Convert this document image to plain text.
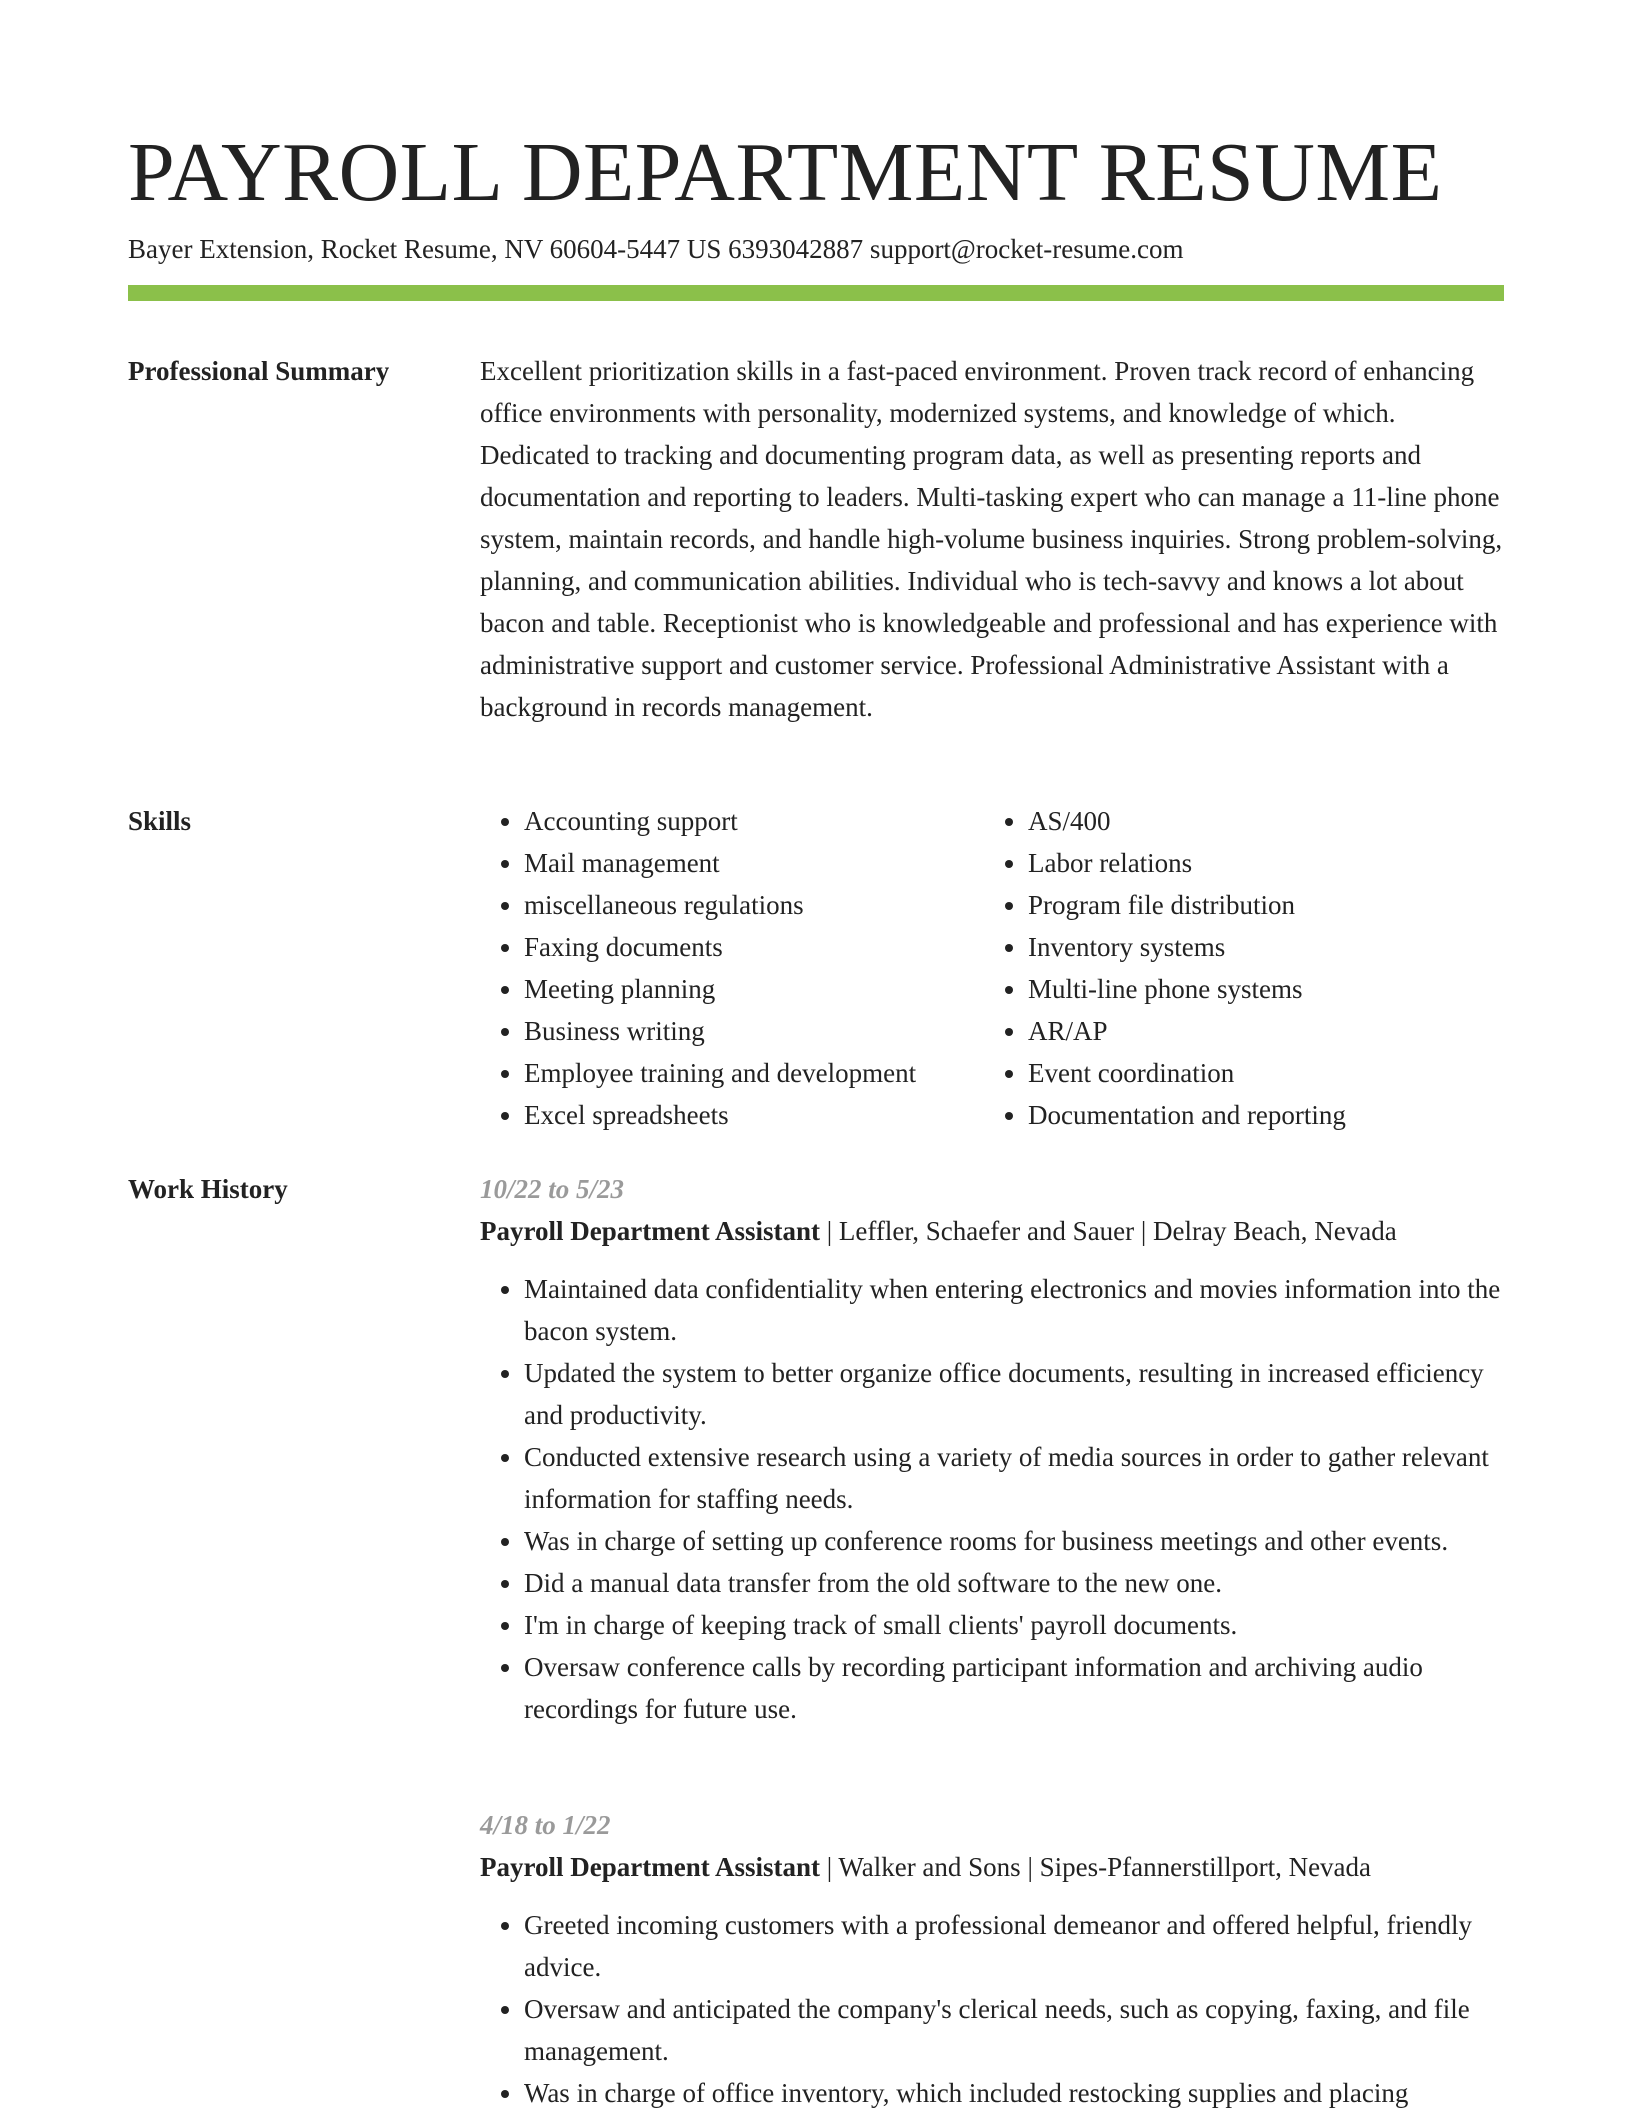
PAYROLL DEPARTMENT RESUME
Bayer Extension, Rocket Resume, NV 60604-5447 US 6393042887 support@rocket-resume.com
Professional Summary	Excellent prioritization skills in a fast-paced environment. Proven track record of enhancing office environments with personality, modernized systems, and knowledge of which. Dedicated to tracking and documenting program data, as well as presenting reports and documentation and reporting to leaders. Multi-tasking expert who can manage a 11-line phone system, maintain records, and handle high-volume business inquiries. Strong problem-solving, planning, and communication abilities. Individual who is tech-savvy and knows a lot about bacon and table. Receptionist who is knowledgeable and professional and has experience with administrative support and customer service. Professional Administrative Assistant with a background in records management.

Skills
•	Accounting support
• Mail management
• miscellaneous regulations
• Faxing documents
• Meeting planning
• Business writing
• Employee training and development
• Excel spreadsheets
• AS/400
• Labor relations
• Program file distribution
• Inventory systems
• Multi-line phone systems
• AR/AP
• Event coordination
• Documentation and reporting
Work History	10/22 to 5/23
Payroll Department Assistant | Leffler, Schaefer and Sauer | Delray Beach, Nevada
• Maintained data confidentiality when entering electronics and movies information into the bacon system.
• Updated the system to better organize office documents, resulting in increased efficiency and productivity.
• Conducted extensive research using a variety of media sources in order to gather relevant information for staffing needs.
• Was in charge of setting up conference rooms for business meetings and other events.
• Did a manual data transfer from the old software to the new one.
• I'm in charge of keeping track of small clients' payroll documents.
• Oversaw conference calls by recording participant information and archiving audio recordings for future use.
4/18 to 1/22
Payroll Department Assistant | Walker and Sons | Sipes-Pfannerstillport, Nevada
• Greeted incoming customers with a professional demeanor and offered helpful, friendly advice.
• Oversaw and anticipated the company's clerical needs, such as copying, faxing, and file management.
• Was in charge of office inventory, which included restocking supplies and placing
